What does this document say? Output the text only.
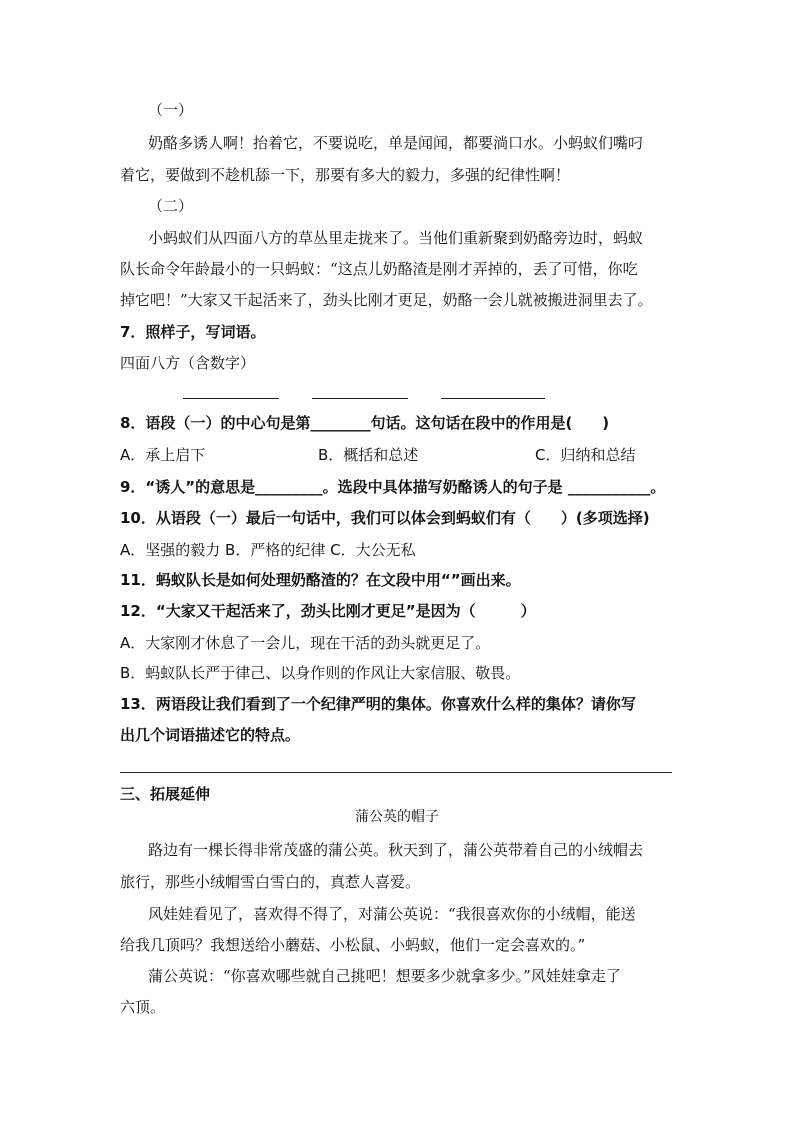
（一）
奶酪多诱人啊！抬着它，不要说吃，单是闻闻，都要淌口水。小蚂蚁们嘴叼
着它，要做到不趁机舔一下，那要有多大的毅力，多强的纪律性啊！
（二）
小蚂蚁们从四面八方的草丛里走拢来了。当他们重新聚到奶酪旁边时，蚂蚁
队长命令年龄最小的一只蚂蚁：“这点儿奶酪渣是刚才弄掉的，丢了可惜，你吃
掉它吧！”大家又干起活来了，劲头比刚才更足，奶酪一会儿就被搬进洞里去了。
7．照样子，写词语。
四面八方（含数字）
8．语段（一）的中心句是第________句话。这句话在段中的作用是(　　)
A．承上启下	B．概括和总述	C．归纳和总结
9．“诱人”的意思是_________。选段中具体描写奶酪诱人的句子是 ___________。
10．从语段（一）最后一句话中，我们可以体会到蚂蚁们有（　　）(多项选择)
A．坚强的毅力 B．严格的纪律 C．大公无私
11．蚂蚁队长是如何处理奶酪渣的？在文段中用“”画出来。
12．“大家又干起活来了，劲头比刚才更足”是因为（　　　）
A．大家刚才休息了一会儿，现在干活的劲头就更足了。
B．蚂蚁队长严于律己、以身作则的作风让大家信服、敬畏。
13．两语段让我们看到了一个纪律严明的集体。你喜欢什么样的集体？请你写
出几个词语描述它的特点。
三、拓展延伸
蒲公英的帽子
路边有一棵长得非常茂盛的蒲公英。秋天到了，蒲公英带着自己的小绒帽去
旅行，那些小绒帽雪白雪白的，真惹人喜爱。
风娃娃看见了，喜欢得不得了，对蒲公英说：“我很喜欢你的小绒帽，能送
给我几顶吗？我想送给小蘑菇、小松鼠、小蚂蚁，他们一定会喜欢的。”
蒲公英说：“你喜欢哪些就自己挑吧！想要多少就拿多少。”风娃娃拿走了
六顶。
